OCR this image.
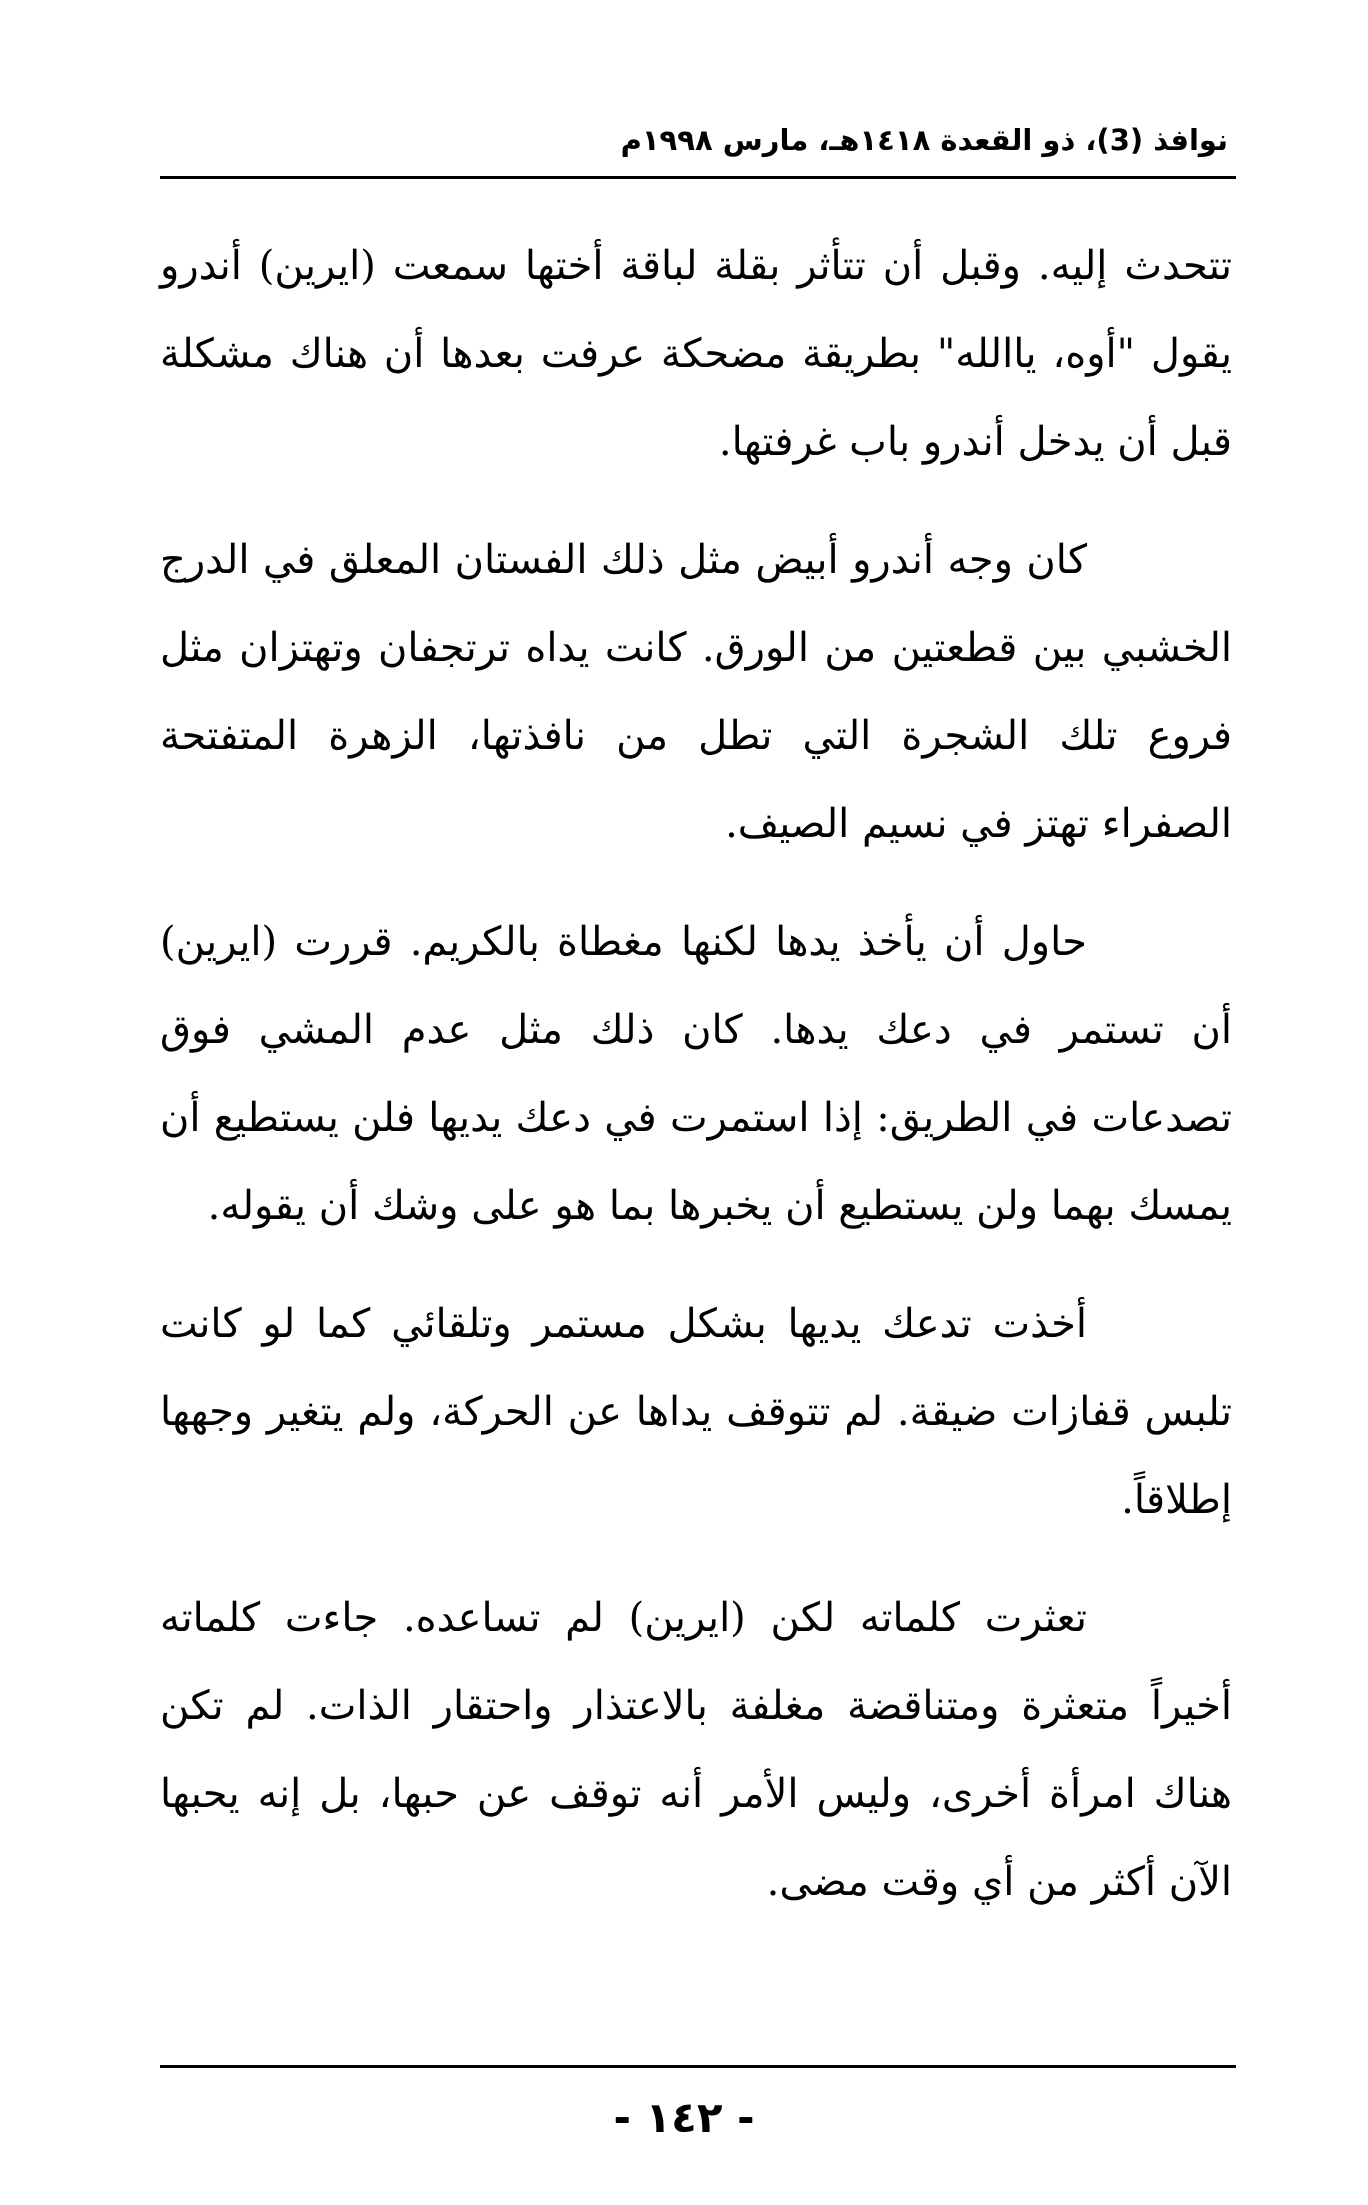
نوافذ (3)، ذو القعدة ١٤١٨هـ، مارس ١٩٩٨م

تتحدث إليه. وقبل أن تتأثر بقلة لباقة أختها سمعت (ايرين) أندرو يقول "أوه، ياالله" بطريقة مضحكة عرفت بعدها أن هناك مشكلة قبل أن يدخل أندرو باب غرفتها.

كان وجه أندرو أبيض مثل ذلك الفستان المعلق في الدرج الخشبي بين قطعتين من الورق. كانت يداه ترتجفان وتهتزان مثل فروع تلك الشجرة التي تطل من نافذتها، الزهرة المتفتحة الصفراء تهتز في نسيم الصيف.

حاول أن يأخذ يدها لكنها مغطاة بالكريم. قررت (ايرين) أن تستمر في دعك يدها. كان ذلك مثل عدم المشي فوق تصدعات في الطريق: إذا استمرت في دعك يديها فلن يستطيع أن يمسك بهما ولن يستطيع أن يخبرها بما هو على وشك أن يقوله.

أخذت تدعك يديها بشكل مستمر وتلقائي كما لو كانت تلبس قفازات ضيقة. لم تتوقف يداها عن الحركة، ولم يتغير وجهها إطلاقاً.

تعثرت كلماته لكن (ايرين) لم تساعده. جاءت كلماته أخيراً متعثرة ومتناقضة مغلفة بالاعتذار واحتقار الذات. لم تكن هناك امرأة أخرى، وليس الأمر أنه توقف عن حبها، بل إنه يحبها الآن أكثر من أي وقت مضى.

- ١٤٢ -
